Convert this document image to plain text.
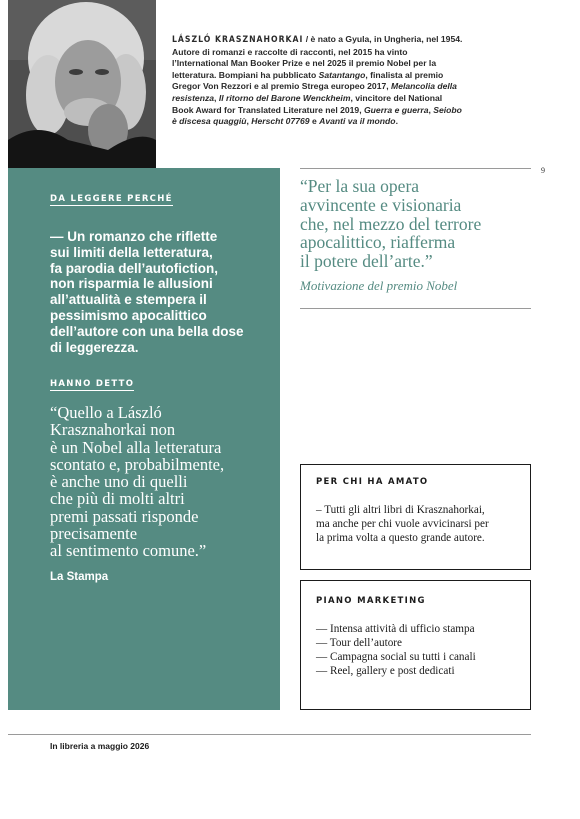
LÁSZLÓ KRASZNAHORKAI / è nato a Gyula, in Ungheria, nel 1954. Autore di romanzi e raccolte di racconti, nel 2015 ha vinto l’International Man Booker Prize e nel 2025 il premio Nobel per la letteratura. Bompiani ha pubblicato Satantango, finalista al premio Gregor Von Rezzori e al premio Strega europeo 2017, Melancolia della resistenza, Il ritorno del Barone Wenckheim, vincitore del National Book Award for Translated Literature nel 2019, Guerra e guerra, Seiobo è discesa quaggiù, Herscht 07769 e Avanti va il mondo.
9
DA LEGGERE PERCHÉ
— Un romanzo che riflette
sui limiti della letteratura,
fa parodia dell’autofiction,
non risparmia le allusioni
all’attualità e stempera il
pessimismo apocalittico
dell’autore con una bella dose
di leggerezza.
HANNO DETTO
“Quello a László
Krasznahorkai non
è un Nobel alla letteratura
scontato e, probabilmente,
è anche uno di quelli
che più di molti altri
premi passati risponde
precisamente
al sentimento comune.”
La Stampa
“Per la sua opera
avvincente e visionaria
che, nel mezzo del terrore
apocalittico, riafferma
il potere dell’arte.”
Motivazione del premio Nobel
PER CHI HA AMATO
– Tutti gli altri libri di Krasznahorkai,
ma anche per chi vuole avvicinarsi per
la prima volta a questo grande autore.
PIANO MARKETING
— Intensa attività di ufficio stampa
— Tour dell’autore
— Campagna social su tutti i canali
— Reel, gallery e post dedicati
In libreria a maggio 2026
